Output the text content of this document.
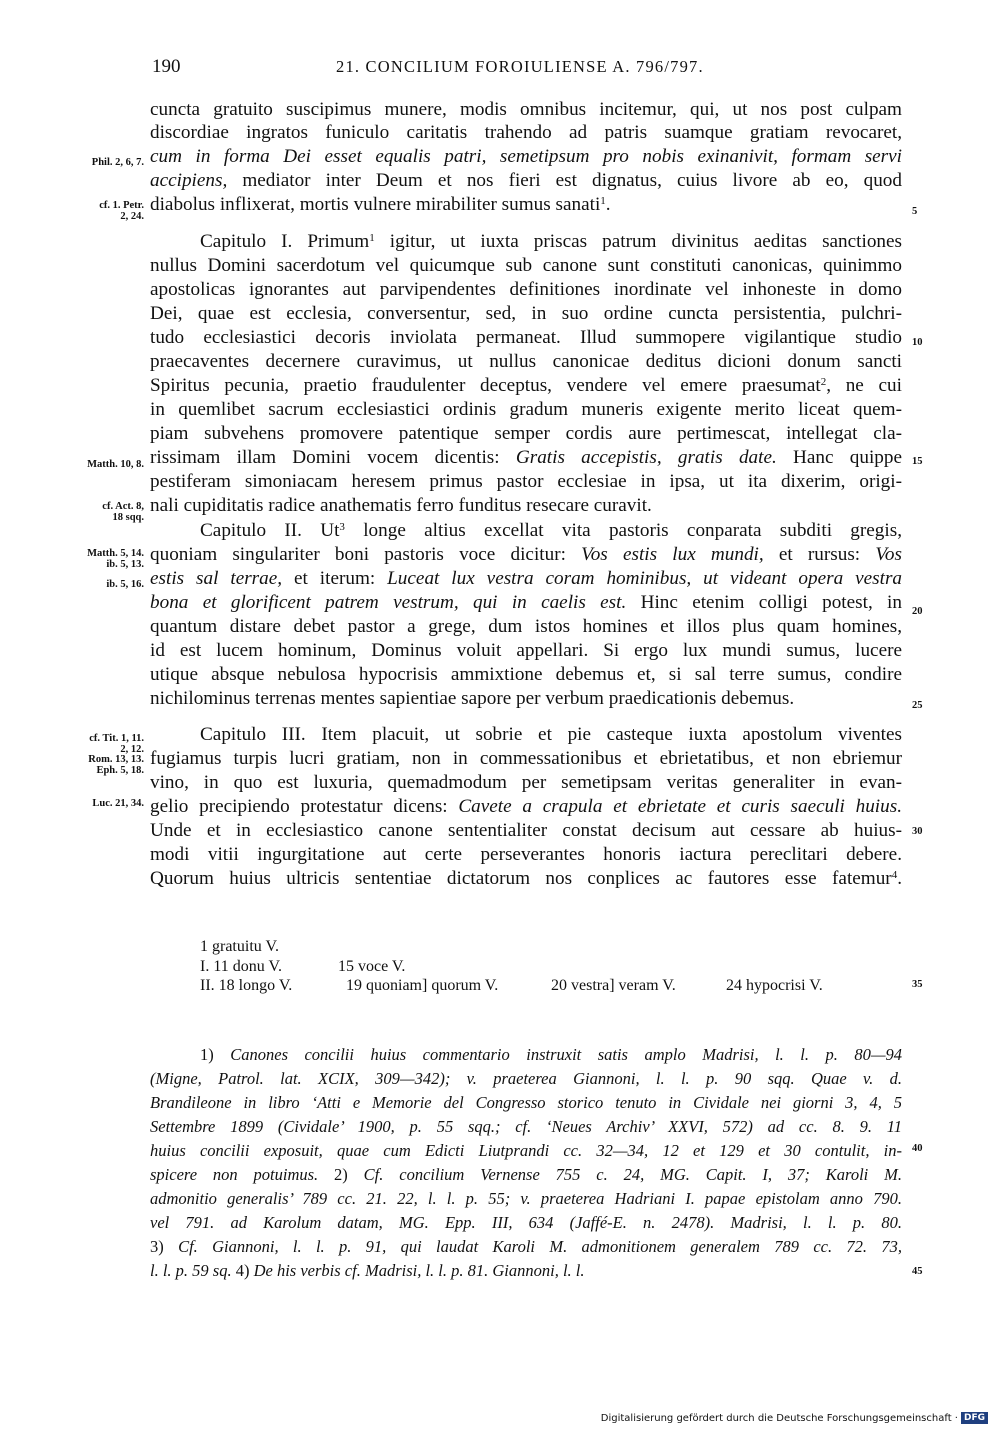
190	21. CONCILIUM FOROIULIENSE A. 796/797.
cuncta gratuito suscipimus munere, modis omnibus incitemur, qui, ut nos post culpam
discordiae ingratos funiculo caritatis trahendo ad patris suamque gratiam revocaret,
cum in forma Dei esset equalis patri, semetipsum pro nobis exinanivit, formam servi
accipiens, mediator inter Deum et nos fieri est dignatus, cuius livore ab eo, quod
diabolus inflixerat, mortis vulnere mirabiliter sumus sanati$^1$.
Capitulo I. Primum$^1$ igitur, ut iuxta priscas patrum divinitus aeditas sanctiones
nullus Domini sacerdotum vel quicumque sub canone sunt constituti canonicas, quinimmo
apostolicas ignorantes aut parvipendentes definitiones inordinate vel inhoneste in domo
Dei, quae est ecclesia, conversentur, sed, in suo ordine cuncta persistentia, pulchri-
tudo ecclesiastici decoris inviolata permaneat. Illud summopere vigilantique studio
praecaventes decernere curavimus, ut nullus canonicae deditus dicioni donum sancti
Spiritus pecunia, praetio fraudulenter deceptus, vendere vel emere praesumat$^2$, ne cui
in quemlibet sacrum ecclesiastici ordinis gradum muneris exigente merito liceat quem-
piam subvehens promovere patentique semper cordis aure pertimescat, intellegat cla-
rissimam illam Domini vocem dicentis: Gratis accepistis, gratis date. Hanc quippe
pestiferam simoniacam heresem primus pastor ecclesiae in ipsa, ut ita dixerim, origi-
nali cupiditatis radice anathematis ferro funditus resecare curavit.
Capitulo II. Ut$^3$ longe altius excellat vita pastoris conparata subditi gregis,
quoniam singulariter boni pastoris voce dicitur: Vos estis lux mundi, et rursus: Vos
estis sal terrae, et iterum: Luceat lux vestra coram hominibus, ut videant opera vestra
bona et glorificent patrem vestrum, qui in caelis est. Hinc etenim colligi potest, in
quantum distare debet pastor a grege, dum istos homines et illos plus quam homines,
id est lucem hominum, Dominus voluit appellari. Si ergo lux mundi sumus, lucere
utique absque nebulosa hypocrisis ammixtione debemus et, si sal terre sumus, condire
nichilominus terrenas mentes sapientiae sapore per verbum praedicationis debemus.
Capitulo III. Item placuit, ut sobrie et pie casteque iuxta apostolum viventes
fugiamus turpis lucri gratiam, non in commessationibus et ebrietatibus, et non ebriemur
vino, in quo est luxuria, quemadmodum per semetipsam veritas generaliter in evan-
gelio precipiendo protestatur dicens: Cavete a crapula et ebrietate et curis saeculi huius.
Unde et in ecclesiastico canone sententialiter constat decisum aut cessare ab huius-
modi vitii ingurgitatione aut certe perseverantes honoris iactura pereclitari debere.
Quorum huius ultricis sententiae dictatorum nos conplices ac fautores esse fatemur$^4$.
Phil. 2, 6, 7.
cf. 1. Petr.
2, 24.
Matth. 10, 8.
cf. Act. 8,
18 sqq.
Matth. 5, 14.
ib. 5, 13.
ib. 5, 16.
cf. Tit. 1, 11.
2, 12.
Rom. 13, 13.
Eph. 5, 18.
Luc. 21, 34.
5
10
15
20
25
30
35
40
45
1 gratuitu V.
I. 11 donu V.	15 voce V.
II. 18 longo V.	19 quoniam] quorum V.	20 vestra] veram V.	24 hypocrisi V.
1) Canones concilii huius commentario instruxit satis amplo Madrisi, l. l. p. 80—94
(Migne, Patrol. lat. XCIX, 309—342); v. praeterea Giannoni, l. l. p. 90 sqq. Quae v. d.
Brandileone in libro ‘Atti e Memorie del Congresso storico tenuto in Cividale nei giorni 3, 4, 5
Settembre 1899 (Cividale’ 1900, p. 55 sqq.; cf. ‘Neues Archiv’ XXVI, 572) ad cc. 8. 9. 11
huius concilii exposuit, quae cum Edicti Liutprandi cc. 32—34, 12 et 129 et 30 contulit, in-
spicere non potuimus. 2) Cf. concilium Vernense 755 c. 24, MG. Capit. I, 37; Karoli M.
admonitio generalis’ 789 cc. 21. 22, l. l. p. 55; v. praeterea Hadriani I. papae epistolam anno 790.
vel 791. ad Karolum datam, MG. Epp. III, 634 (Jaffé-E. n. 2478). Madrisi, l. l. p. 80.
3) Cf. Giannoni, l. l. p. 91, qui laudat Karoli M. admonitionem generalem 789 cc. 72. 73,
l. l. p. 59 sq. 4) De his verbis cf. Madrisi, l. l. p. 81. Giannoni, l. l.
Digitalisierung gefördert durch die Deutsche Forschungsgemeinschaft · DFG
